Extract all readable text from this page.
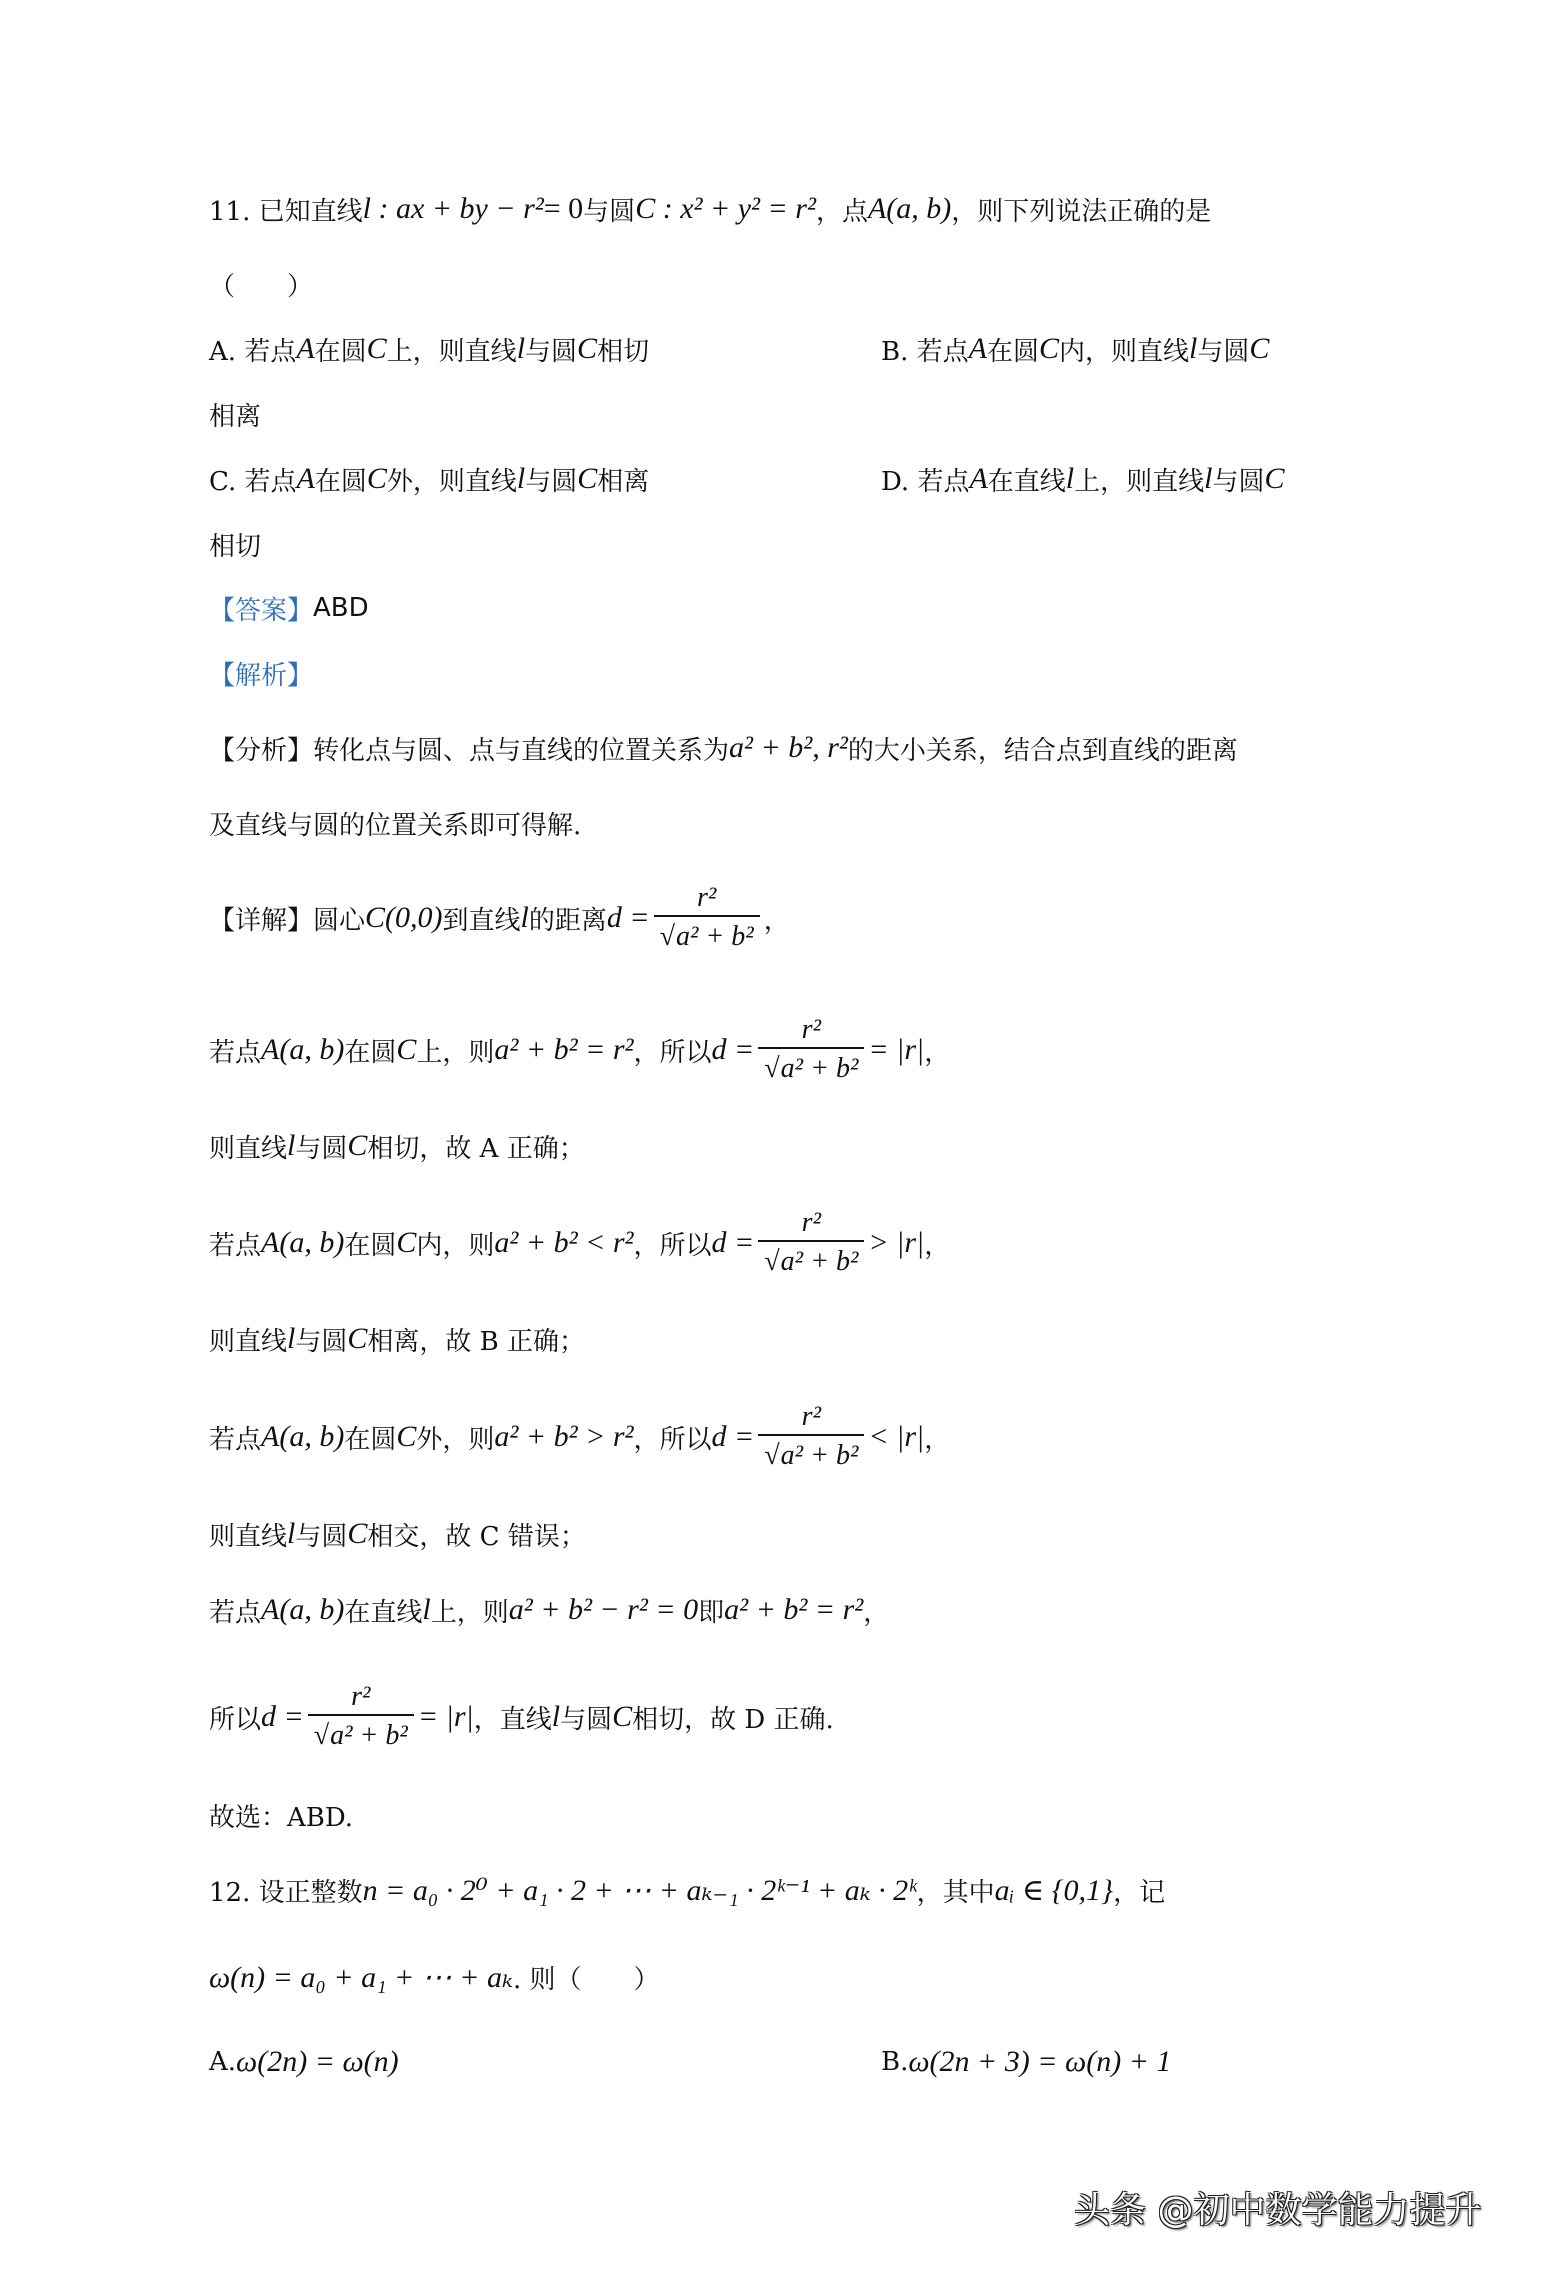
11. 已知直线 l : ax + by − r² = 0 与圆 C : x² + y² = r² ，点 A(a, b) ，则下列说法正确的是
（　　）
A. 若点 A 在圆 C 上，则直线 l 与圆 C 相切	B. 若点 A 在圆 C 内，则直线 l 与圆 C
相离
C. 若点 A 在圆 C 外，则直线 l 与圆 C 相离	D. 若点 A 在直线 l 上，则直线 l 与圆 C
相切
【答案】 ABD
【解析】
【分析】转化点与圆、点与直线的位置关系为 a² + b², r² 的大小关系，结合点到直线的距离
及直线与圆的位置关系即可得解.
【详解】圆心 C(0,0) 到直线 l 的距离 d = r²
√ a² + b² ，
若点 A(a, b) 在圆 C 上，则 a² + b² = r² ，所以 d = r²
√ a² + b² = |r| ，
则直线 l 与圆 C 相切，故 A 正确；
若点 A(a, b) 在圆 C 内，则 a² + b² < r² ，所以 d = r²
√ a² + b² > |r| ，
则直线 l 与圆 C 相离，故 B 正确；
若点 A(a, b) 在圆 C 外，则 a² + b² > r² ，所以 d = r²
√ a² + b² < |r| ，
则直线 l 与圆 C 相交，故 C 错误；
若点 A(a, b) 在直线 l 上，则 a² + b² − r² = 0 即 a² + b² = r² ，
所以 d = r²
√ a² + b² = |r| ，直线 l 与圆 C 相切，故 D 正确.
故选：ABD.
12. 设正整数 n = a₀ · 2⁰ + a₁ · 2 + ⋯ + aₖ₋₁ · 2ᵏ⁻¹ + aₖ · 2ᵏ ，其中 aᵢ ∈ {0,1} ，记
ω(n) = a₀ + a₁ + ⋯ + aₖ . 则（　　）
A. ω(2n) = ω(n)	B. ω(2n + 3) = ω(n) + 1
头条 @初中数学能力提升
